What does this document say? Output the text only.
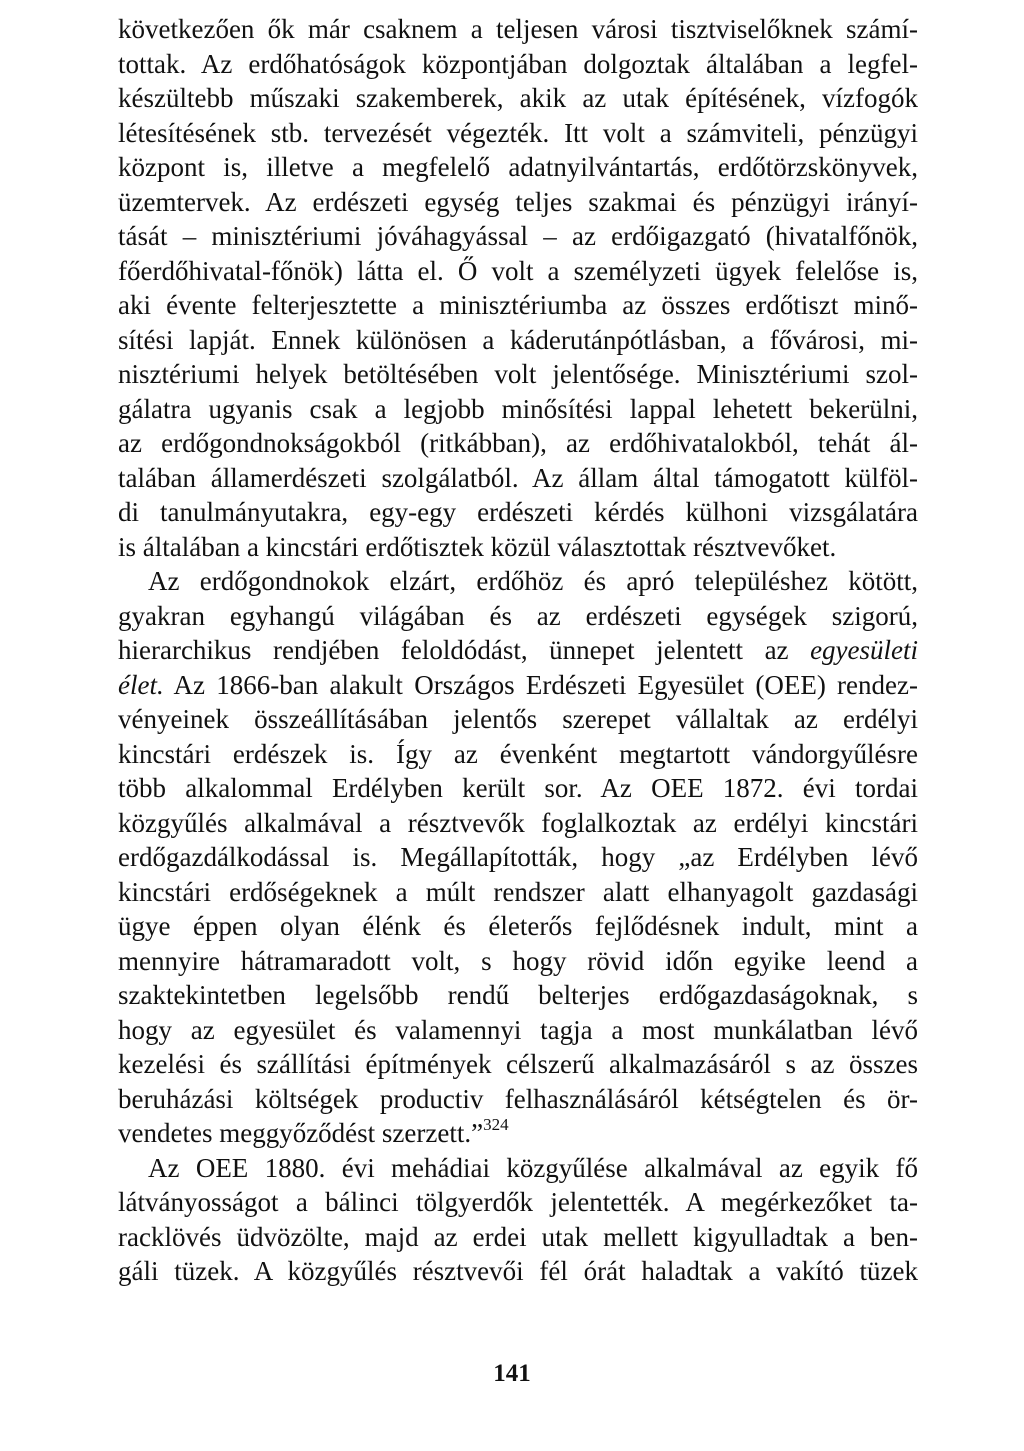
következően ők már csaknem a teljesen városi tisztviselőknek számí-
tottak. Az erdőhatóságok központjában dolgoztak általában a legfel-
készültebb műszaki szakemberek, akik az utak építésének, vízfogók
létesítésének stb. tervezését végezték. Itt volt a számviteli, pénzügyi
központ is, illetve a megfelelő adatnyilvántartás, erdőtörzskönyvek,
üzemtervek. Az erdészeti egység teljes szakmai és pénzügyi irányí-
tását – minisztériumi jóváhagyással – az erdőigazgató (hivatalfőnök,
főerdőhivatal-főnök) látta el. Ő volt a személyzeti ügyek felelőse is,
aki évente felterjesztette a minisztériumba az összes erdőtiszt minő-
sítési lapját. Ennek különösen a káderutánpótlásban, a fővárosi, mi-
nisztériumi helyek betöltésében volt jelentősége. Minisztériumi szol-
gálatra ugyanis csak a legjobb minősítési lappal lehetett bekerülni,
az erdőgondnokságokból (ritkábban), az erdőhivatalokból, tehát ál-
talában államerdészeti szolgálatból. Az állam által támogatott külföl-
di tanulmányutakra, egy-egy erdészeti kérdés külhoni vizsgálatára
is általában a kincstári erdőtisztek közül választottak résztvevőket.
Az erdőgondnokok elzárt, erdőhöz és apró településhez kötött,
gyakran egyhangú világában és az erdészeti egységek szigorú,
hierarchikus rendjében feloldódást, ünnepet jelentett az egyesületi
élet. Az 1866-ban alakult Országos Erdészeti Egyesület (OEE) rendez-
vényeinek összeállításában jelentős szerepet vállaltak az erdélyi
kincstári erdészek is. Így az évenként megtartott vándorgyűlésre
több alkalommal Erdélyben került sor. Az OEE 1872. évi tordai
közgyűlés alkalmával a résztvevők foglalkoztak az erdélyi kincstári
erdőgazdálkodással is. Megállapították, hogy „az Erdélyben lévő
kincstári erdőségeknek a múlt rendszer alatt elhanyagolt gazdasági
ügye éppen olyan élénk és életerős fejlődésnek indult, mint a
mennyire hátramaradott volt, s hogy rövid időn egyike leend a
szaktekintetben legelsőbb rendű belterjes erdőgazdaságoknak, s
hogy az egyesület és valamennyi tagja a most munkálatban lévő
kezelési és szállítási építmények célszerű alkalmazásáról s az összes
beruházási költségek productiv felhasználásáról kétségtelen és ör-
vendetes meggyőződést szerzett.”$^{324}$
Az OEE 1880. évi mehádiai közgyűlése alkalmával az egyik fő
látványosságot a bálinci tölgyerdők jelentették. A megérkezőket ta-
racklövés üdvözölte, majd az erdei utak mellett kigyulladtak a ben-
gáli tüzek. A közgyűlés résztvevői fél órát haladtak a vakító tüzek
141
